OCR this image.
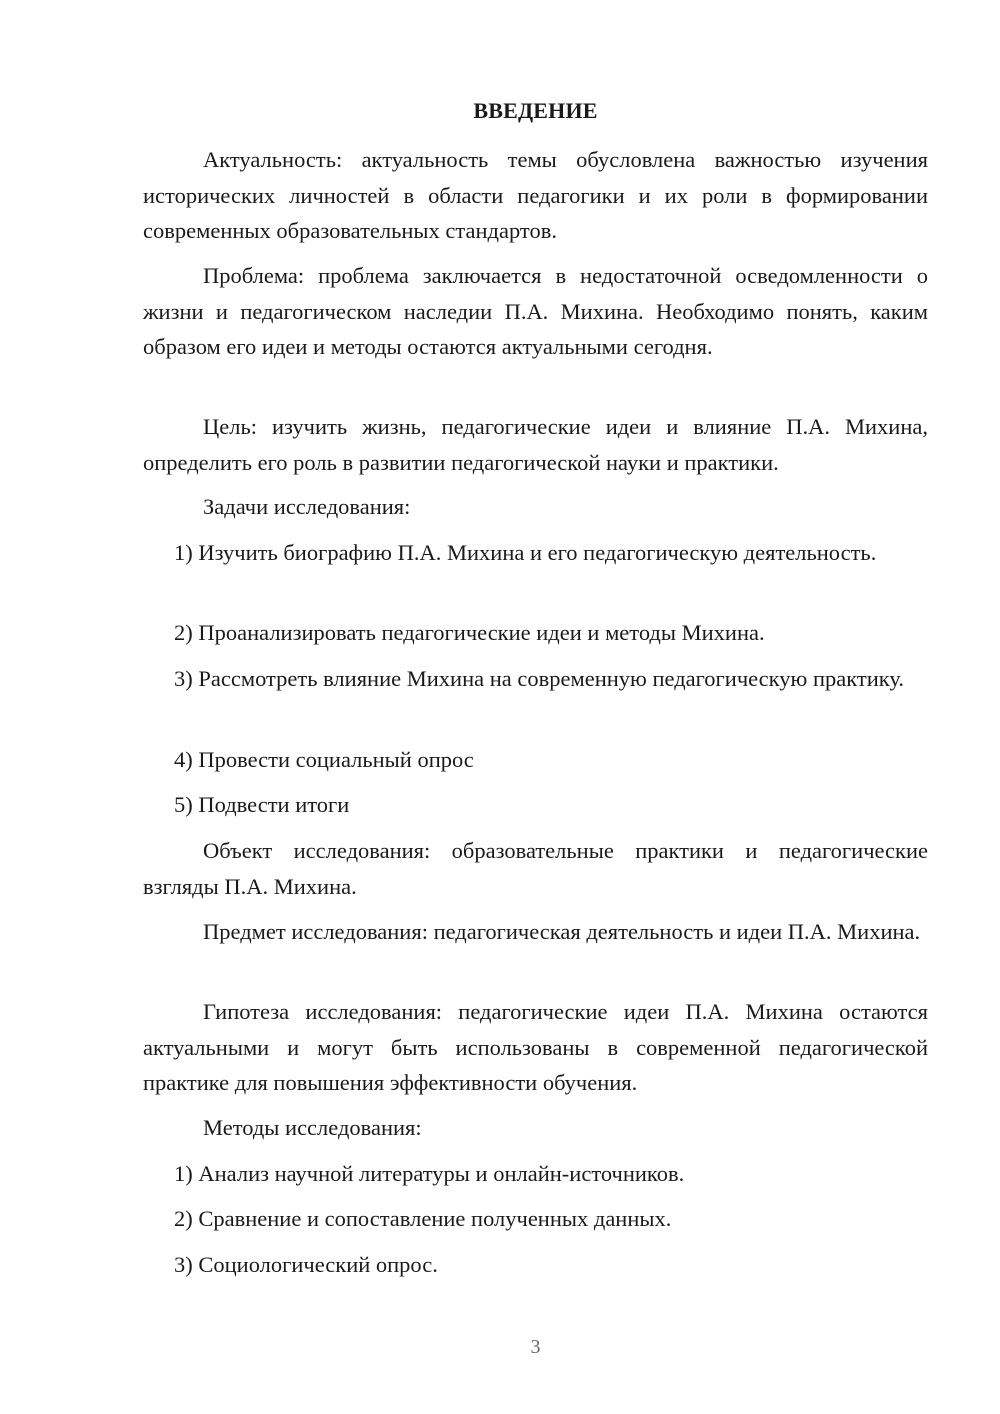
ВВЕДЕНИЕ

Актуальность: актуальность темы обусловлена важностью изучения исторических личностей в области педагогики и их роли в формировании современных образовательных стандартов.

Проблема: проблема заключается в недостаточной осведомленности о жизни и педагогическом наследии П.А. Михина. Необходимо понять, каким образом его идеи и методы остаются актуальными сегодня.

Цель: изучить жизнь, педагогические идеи и влияние П.А. Михина, определить его роль в развитии педагогической науки и практики.

Задачи исследования:

1) Изучить биографию П.А. Михина и его педагогическую деятельность.

2) Проанализировать педагогические идеи и методы Михина.

3) Рассмотреть влияние Михина на современную педагогическую практику.

4) Провести социальный опрос

5) Подвести итоги

Объект исследования: образовательные практики и педагогические взгляды П.А. Михина.

Предмет исследования: педагогическая деятельность и идеи П.А. Михина.

Гипотеза исследования: педагогические идеи П.А. Михина остаются актуальными и могут быть использованы в современной педагогической практике для повышения эффективности обучения.

Методы исследования:

1) Анализ научной литературы и онлайн-источников.

2) Сравнение и сопоставление полученных данных.

3) Социологический опрос.

3
